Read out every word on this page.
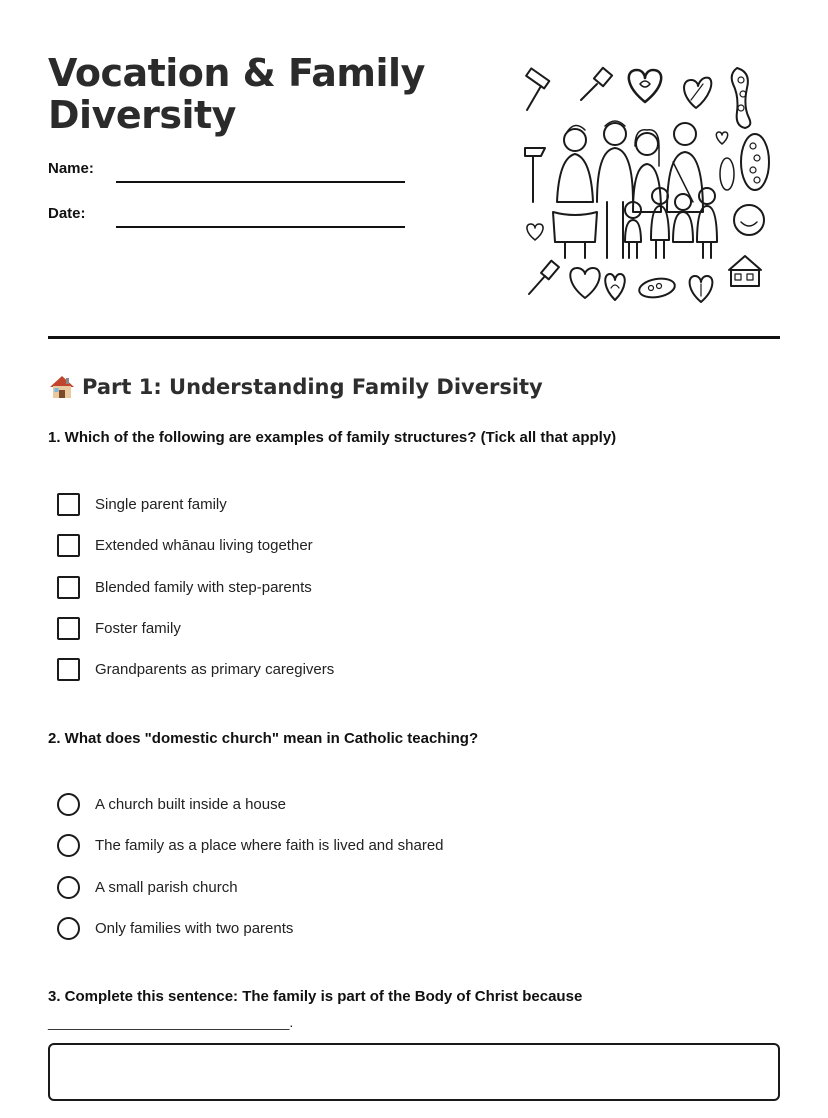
Vocation & Family Diversity
Name:
Date:
Part 1: Understanding Family Diversity
1. Which of the following are examples of family structures? (Tick all that apply)
Single parent family
Extended whānau living together
Blended family with step-parents
Foster family
Grandparents as primary caregivers
2. What does "domestic church" mean in Catholic teaching?
A church built inside a house
The family as a place where faith is lived and shared
A small parish church
Only families with two parents
3. Complete this sentence: The family is part of the Body of Christ because
_______________________________.
